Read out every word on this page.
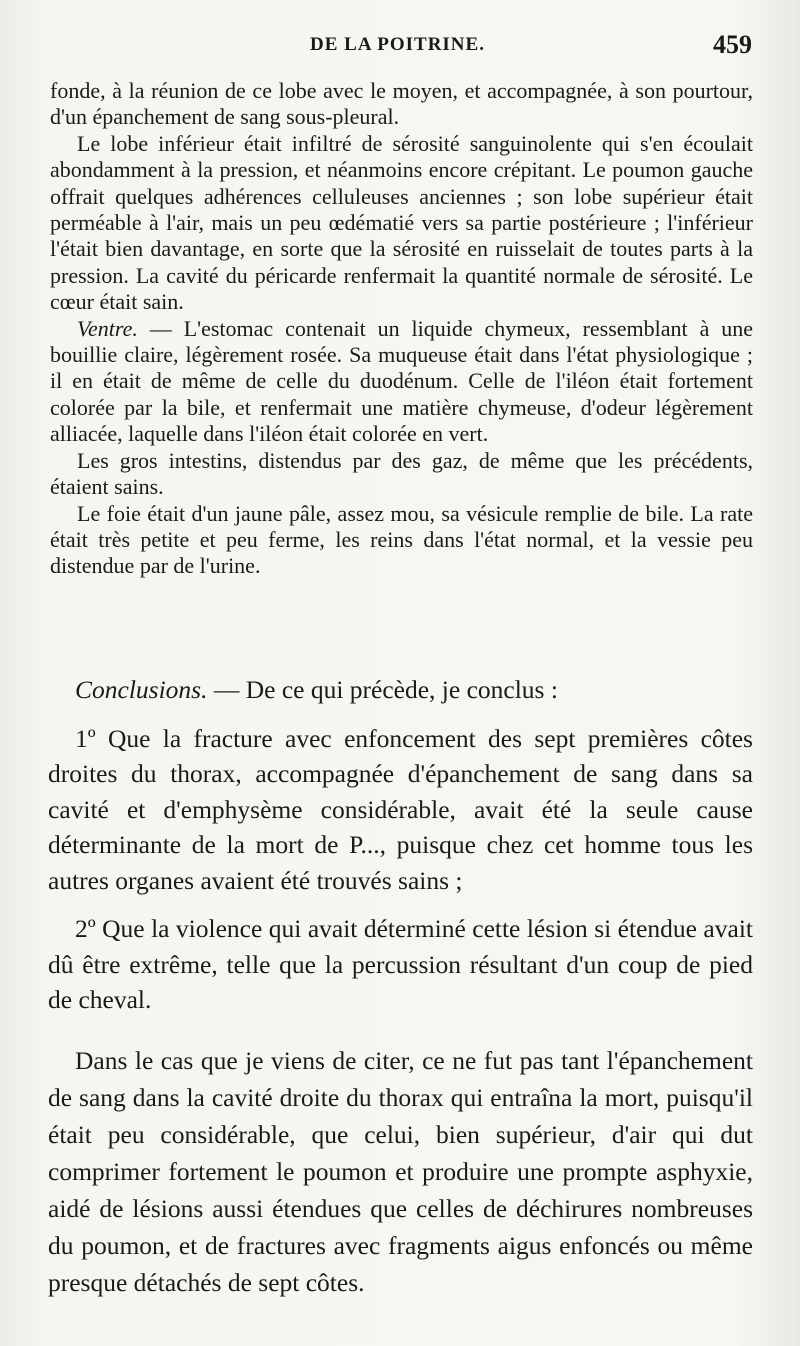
DE LA POITRINE.	459

fonde, à la réunion de ce lobe avec le moyen, et accompagnée, à son pourtour, d'un épanchement de sang sous-pleural.

Le lobe inférieur était infiltré de sérosité sanguinolente qui s'en écoulait abondamment à la pression, et néanmoins encore crépitant. Le poumon gauche offrait quelques adhérences celluleuses anciennes ; son lobe supérieur était perméable à l'air, mais un peu œdématié vers sa partie postérieure ; l'inférieur l'était bien davantage, en sorte que la sérosité en ruisselait de toutes parts à la pression. La cavité du péricarde renfermait la quantité normale de sérosité. Le cœur était sain.

Ventre. — L'estomac contenait un liquide chymeux, ressemblant à une bouillie claire, légèrement rosée. Sa muqueuse était dans l'état physiologique ; il en était de même de celle du duodénum. Celle de l'iléon était fortement colorée par la bile, et renfermait une matière chymeuse, d'odeur légèrement alliacée, laquelle dans l'iléon était colorée en vert.

Les gros intestins, distendus par des gaz, de même que les précédents, étaient sains.

Le foie était d'un jaune pâle, assez mou, sa vésicule remplie de bile. La rate était très petite et peu ferme, les reins dans l'état normal, et la vessie peu distendue par de l'urine.

Conclusions. — De ce qui précède, je conclus :

1º Que la fracture avec enfoncement des sept premières côtes droites du thorax, accompagnée d'épanchement de sang dans sa cavité et d'emphysème considérable, avait été la seule cause déterminante de la mort de P..., puisque chez cet homme tous les autres organes avaient été trouvés sains ;

2º Que la violence qui avait déterminé cette lésion si étendue avait dû être extrême, telle que la percussion résultant d'un coup de pied de cheval.

Dans le cas que je viens de citer, ce ne fut pas tant l'épanchement de sang dans la cavité droite du thorax qui entraîna la mort, puisqu'il était peu considérable, que celui, bien supérieur, d'air qui dut comprimer fortement le poumon et produire une prompte asphyxie, aidé de lésions aussi étendues que celles de déchirures nombreuses du poumon, et de fractures avec fragments aigus enfoncés ou même presque détachés de sept côtes.
